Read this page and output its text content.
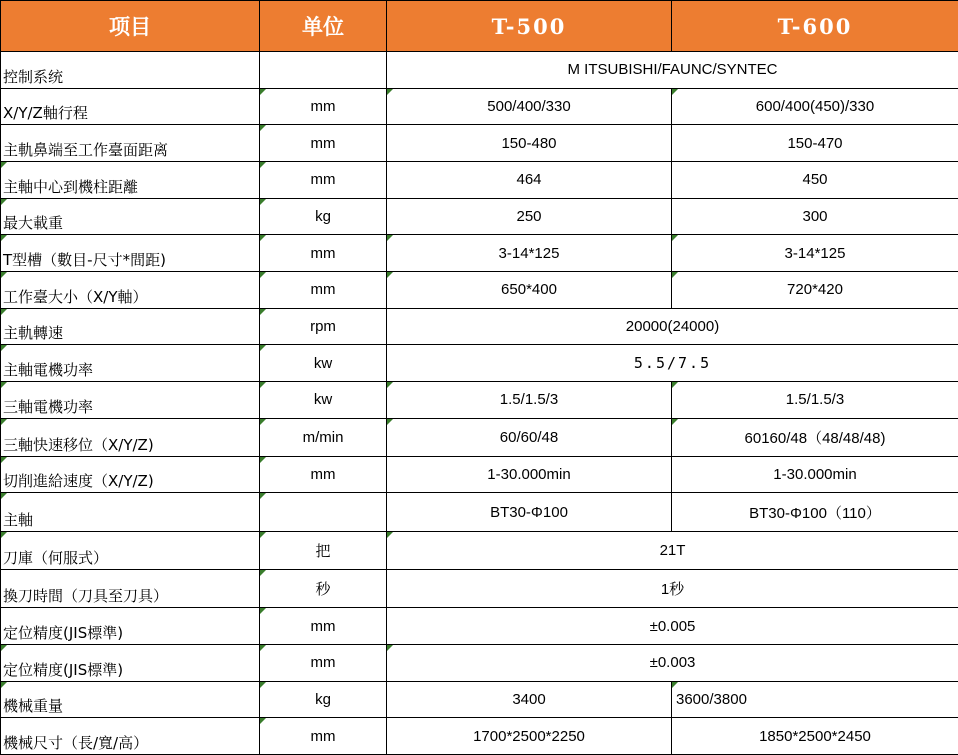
项目	单位	T-500	T-600
控制系统		M ITSUBISHI/FAUNC/SYNTEC	
X/Y/Z軸行程	mm	500/400/330	600/400(450)/330
主軌鼻端至工作臺面距离	mm	150-480	150-470

主軸中心到機柱距離	mm	464	450

最大載重	kg	250	300

T型槽（數目-尺寸*間距)	mm	3-14*125	3-14*125

工作臺大小（X/Y軸）	mm	650*400	720*420

主軌轉速	rpm	20000(24000)	

主軸電機功率	kw	5.5/7.5	

三軸電機功率	kw	1.5/1.5/3	1.5/1.5/3

三軸快速移位（X/Y/Z)	m/min	60/60/48	60160/48（48/48/48)

切削進給速度（X/Y/Z)	mm	1-30.000min	1-30.000min

主軸		BT30-Φ100	BT30-Φ100（110）

刀庫（何服式）	把	21T	
換刀時間（刀具至刀具）	秒	1秒	
定位精度(JIS標準)	mm	±0.005	

定位精度(JIS標準)	mm	±0.003	

機械重量	kg	3400	3600/3800
機械尺寸（長/寬/高）	mm	1700*2500*2250	1850*2500*2450
